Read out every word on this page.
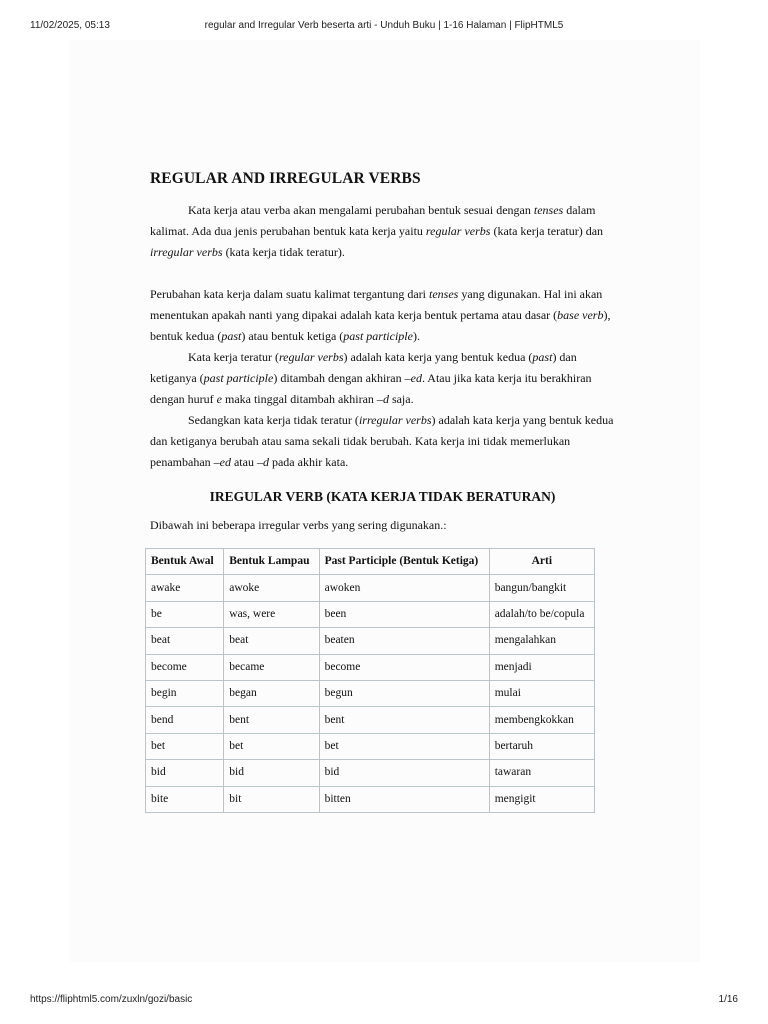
11/02/2025, 05:13	regular and Irregular Verb beserta arti - Unduh Buku | 1-16 Halaman | FlipHTML5
REGULAR AND IRREGULAR VERBS

Kata kerja atau verba akan mengalami perubahan bentuk sesuai dengan tenses dalam kalimat. Ada dua jenis perubahan bentuk kata kerja yaitu regular verbs (kata kerja teratur) dan irregular verbs (kata kerja tidak teratur).

Perubahan kata kerja dalam suatu kalimat tergantung dari tenses yang digunakan. Hal ini akan menentukan apakah nanti yang dipakai adalah kata kerja bentuk pertama atau dasar (base verb), bentuk kedua (past) atau bentuk ketiga (past participle).

Kata kerja teratur (regular verbs) adalah kata kerja yang bentuk kedua (past) dan ketiganya (past participle) ditambah dengan akhiran –ed. Atau jika kata kerja itu berakhiran dengan huruf e maka tinggal ditambah akhiran –d saja.

Sedangkan kata kerja tidak teratur (irregular verbs) adalah kata kerja yang bentuk kedua dan ketiganya berubah atau sama sekali tidak berubah. Kata kerja ini tidak memerlukan penambahan –ed atau –d pada akhir kata.

IREGULAR VERB (KATA KERJA TIDAK BERATURAN)

Dibawah ini beberapa irregular verbs yang sering digunakan.:

Bentuk Awal	Bentuk Lampau	Past Participle (Bentuk Ketiga)	Arti
awake	awoke	awoken	bangun/bangkit
be	was, were	been	adalah/to be/copula
beat	beat	beaten	mengalahkan
become	became	become	menjadi
begin	began	begun	mulai
bend	bent	bent	membengkokkan
bet	bet	bet	bertaruh
bid	bid	bid	tawaran
bite	bit	bitten	mengigit
https://fliphtml5.com/zuxln/gozi/basic	1/16
